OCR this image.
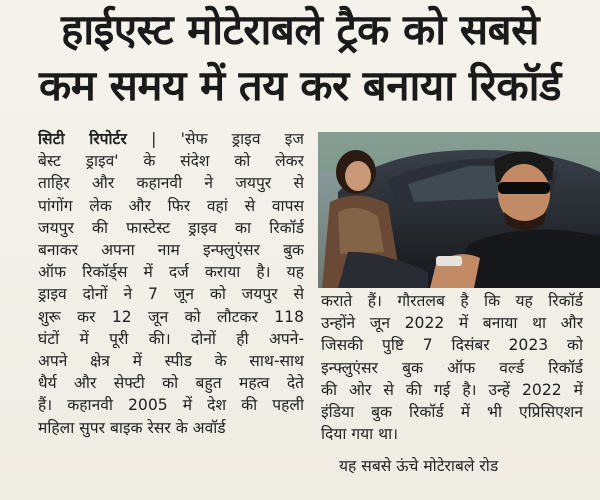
हाईएस्ट मोटेराबले ट्रैक को सबसे
कम समय में तय कर बनाया रिकॉर्ड
सिटी रिपोर्टर | 'सेफ ड्राइव इज
बेस्ट ड्राइव' के संदेश को लेकर
ताहिर और कहानवी ने जयपुर से
पांगोंग लेक और फिर वहां से वापस
जयपुर की फास्टेस्ट ड्राइव का रिकॉर्ड
बनाकर अपना नाम इन्फ्लुएंसर बुक
ऑफ रिकॉर्ड्स में दर्ज कराया है। यह
ड्राइव दोनों ने 7 जून को जयपुर से
शुरू कर 12 जून को लौटकर 118
घंटों में पूरी की। दोनों ही अपने-
अपने क्षेत्र में स्पीड के साथ-साथ
धैर्य और सेफ्टी को बहुत महत्व देते
हैं। कहानवी 2005 में देश की पहली
महिला सुपर बाइक रेसर के अवॉर्ड
कराते हैं। गौरतलब है कि यह रिकॉर्ड
उन्होंने जून 2022 में बनाया था और
जिसकी पुष्टि 7 दिसंबर 2023 को
इन्फ्लुएंसर बुक ऑफ वर्ल्ड रिकॉर्ड
की ओर से की गई है। उन्हें 2022 में
इंडिया बुक रिकॉर्ड में भी एप्रिसिएशन
दिया गया था।
यह सबसे ऊंचे मोटेराबले रोड
